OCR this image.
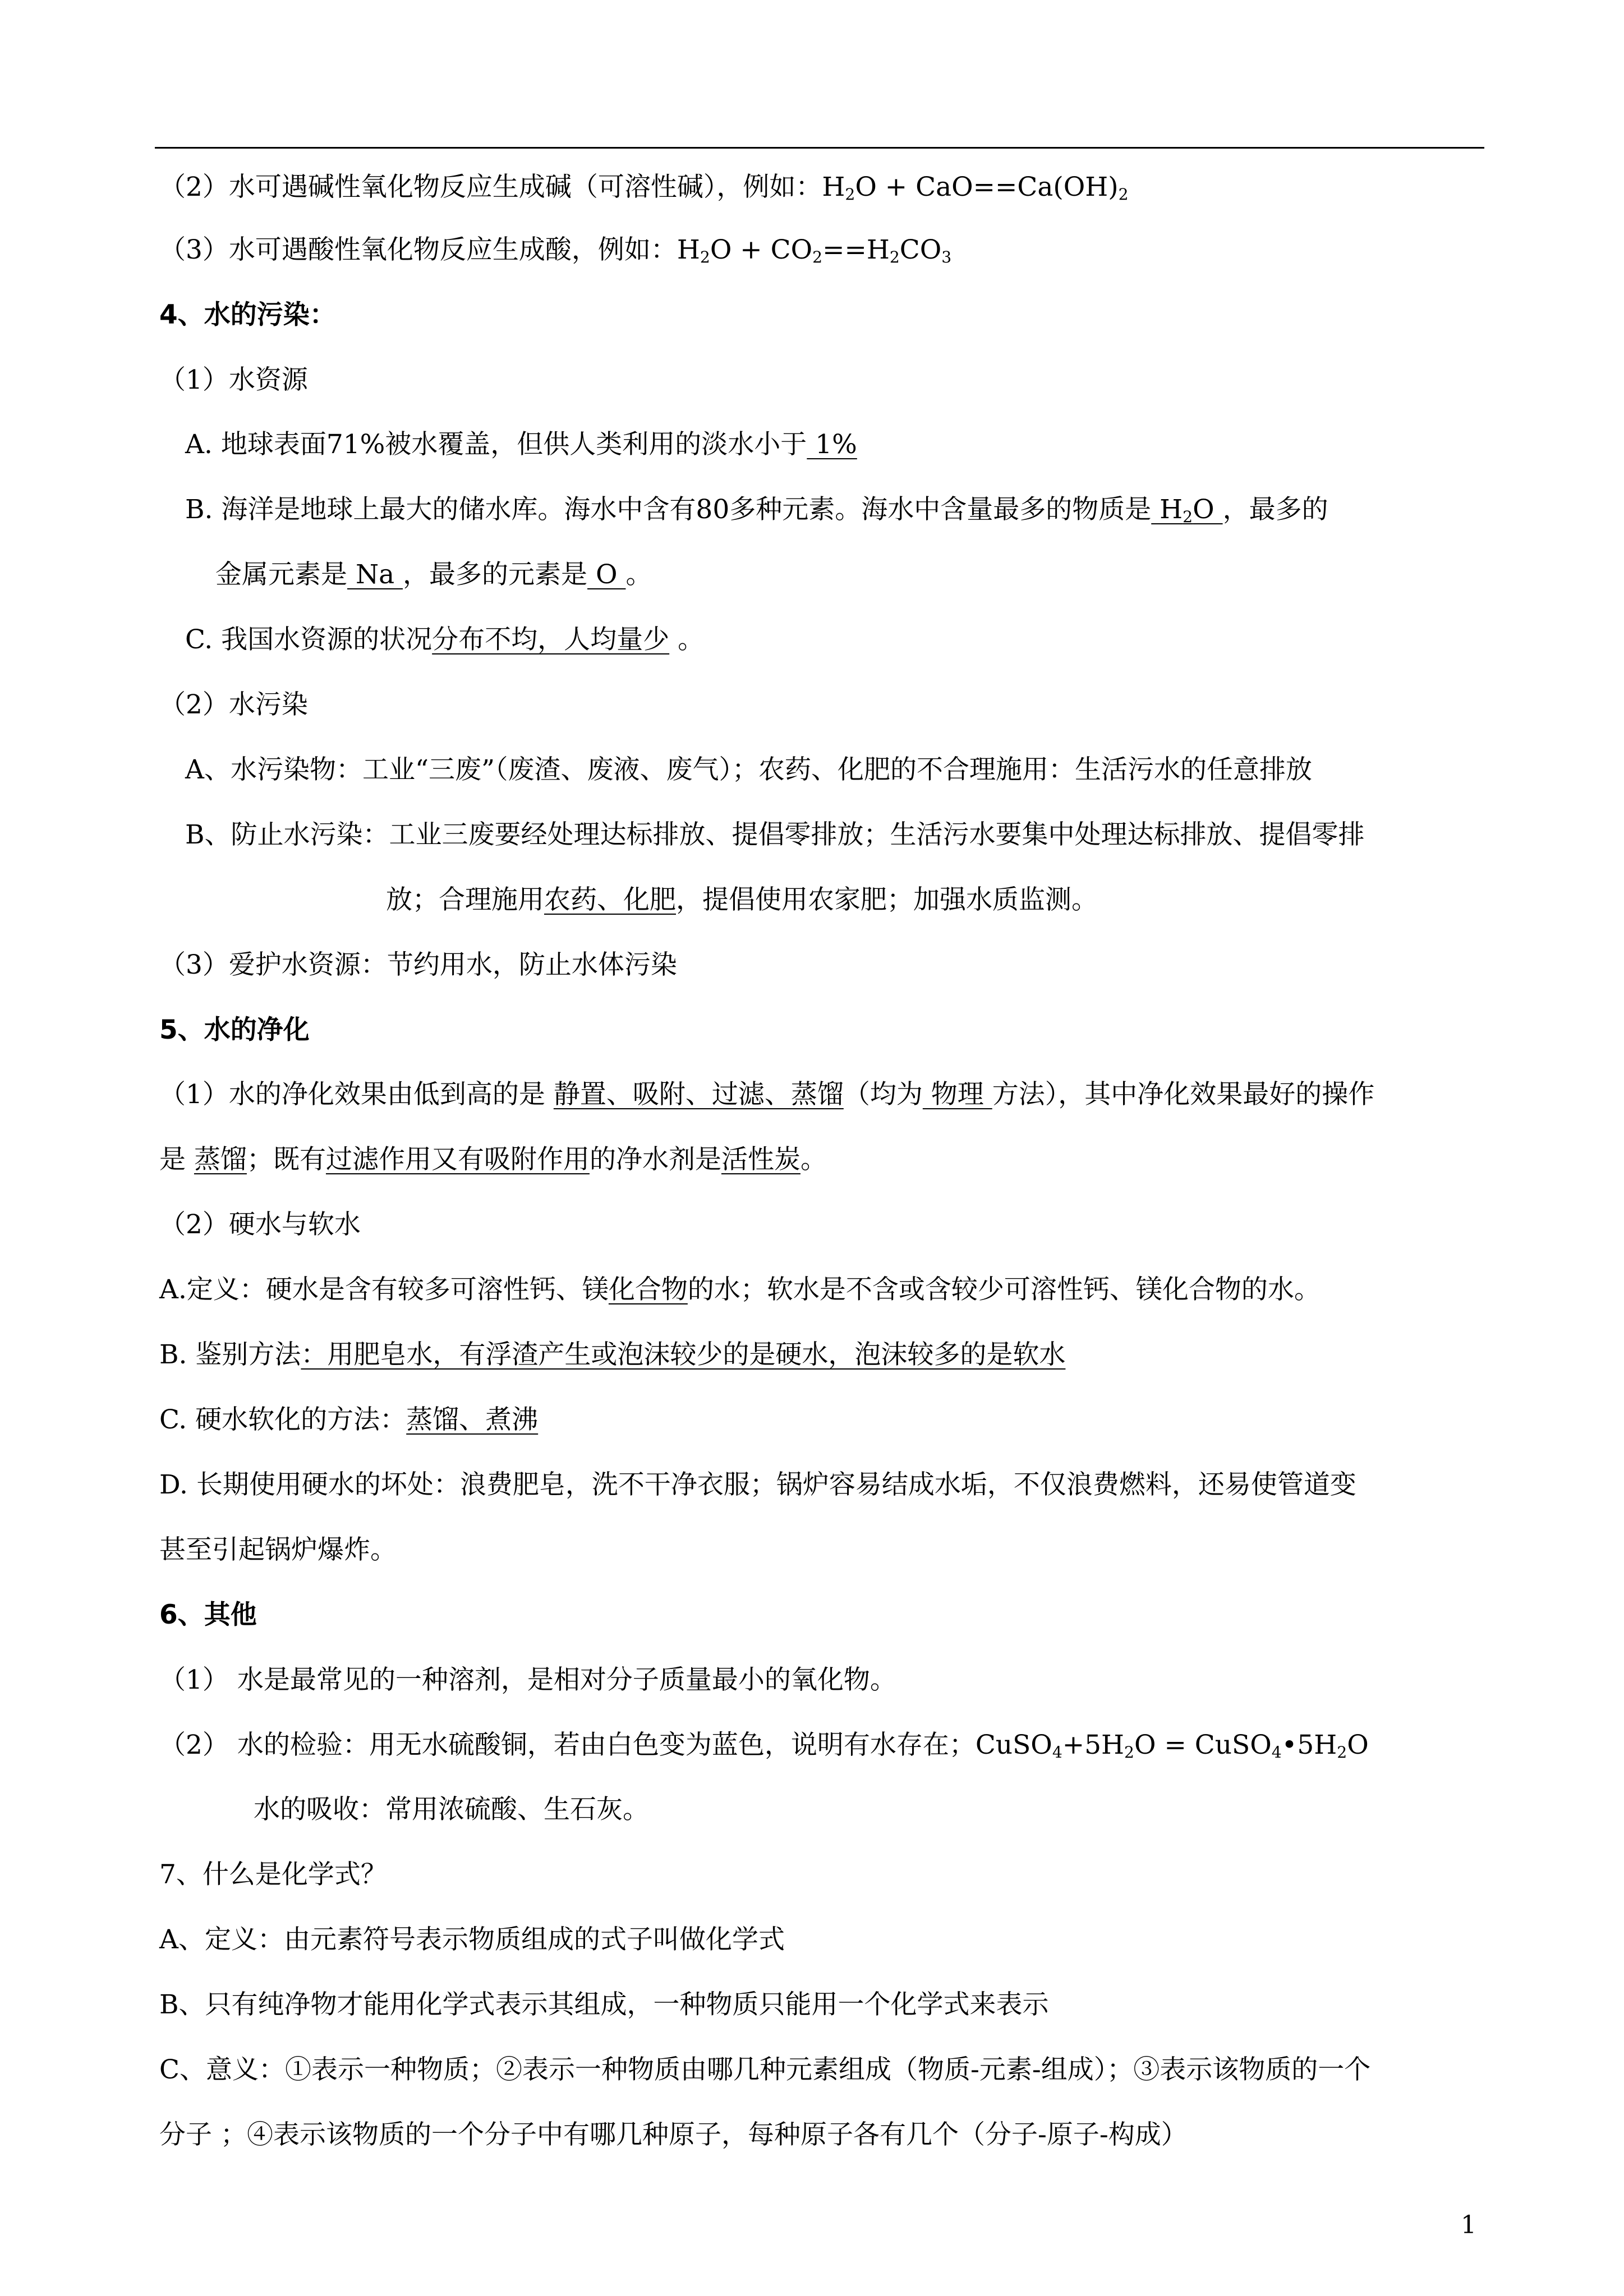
（2）水可遇碱性氧化物反应生成碱（可溶性碱），例如：$H_2O + CaO==Ca(OH)_2$
（3）水可遇酸性氧化物反应生成酸，例如：$H_2O + CO_2==H_2CO_3$
4、水的污染：
（1）水资源
A. 地球表面71%被水覆盖，但供人类利用的淡水小于 1%
B. 海洋是地球上最大的储水库。海水中含有80多种元素。海水中含量最多的物质是 $H_2O$ ，最多的
金属元素是 Na ，最多的元素是 O 。
C. 我国水资源的状况分布不均，人均量少 。
（2）水污染
A、水污染物：工业“三废”（废渣、废液、废气）；农药、化肥的不合理施用：生活污水的任意排放
B、防止水污染：工业三废要经处理达标排放、提倡零排放；生活污水要集中处理达标排放、提倡零排
放；合理施用农药、化肥，提倡使用农家肥；加强水质监测。
（3）爱护水资源：节约用水，防止水体污染
5、水的净化
（1）水的净化效果由低到高的是 静置、吸附、过滤、蒸馏（均为 物理 方法），其中净化效果最好的操作
是 蒸馏；既有过滤作用又有吸附作用的净水剂是活性炭。
（2）硬水与软水
A.定义：硬水是含有较多可溶性钙、镁化合物的水；软水是不含或含较少可溶性钙、镁化合物的水。
B. 鉴别方法：用肥皂水，有浮渣产生或泡沫较少的是硬水，泡沫较多的是软水
C. 硬水软化的方法：蒸馏、煮沸
D. 长期使用硬水的坏处：浪费肥皂，洗不干净衣服；锅炉容易结成水垢，不仅浪费燃料，还易使管道变
甚至引起锅炉爆炸。
6、其他
（1） 水是最常见的一种溶剂，是相对分子质量最小的氧化物。
（2） 水的检验：用无水硫酸铜，若由白色变为蓝色，说明有水存在；$CuSO_4+5H_2O$ = $CuSO_4•5H_2O$
水的吸收：常用浓硫酸、生石灰。
7、什么是化学式？
A、定义：由元素符号表示物质组成的式子叫做化学式
B、只有纯净物才能用化学式表示其组成，一种物质只能用一个化学式来表示
C、意义：①表示一种物质；②表示一种物质由哪几种元素组成（物质-元素-组成）；③表示该物质的一个
分子 ；④表示该物质的一个分子中有哪几种原子，每种原子各有几个（分子-原子-构成）
1
